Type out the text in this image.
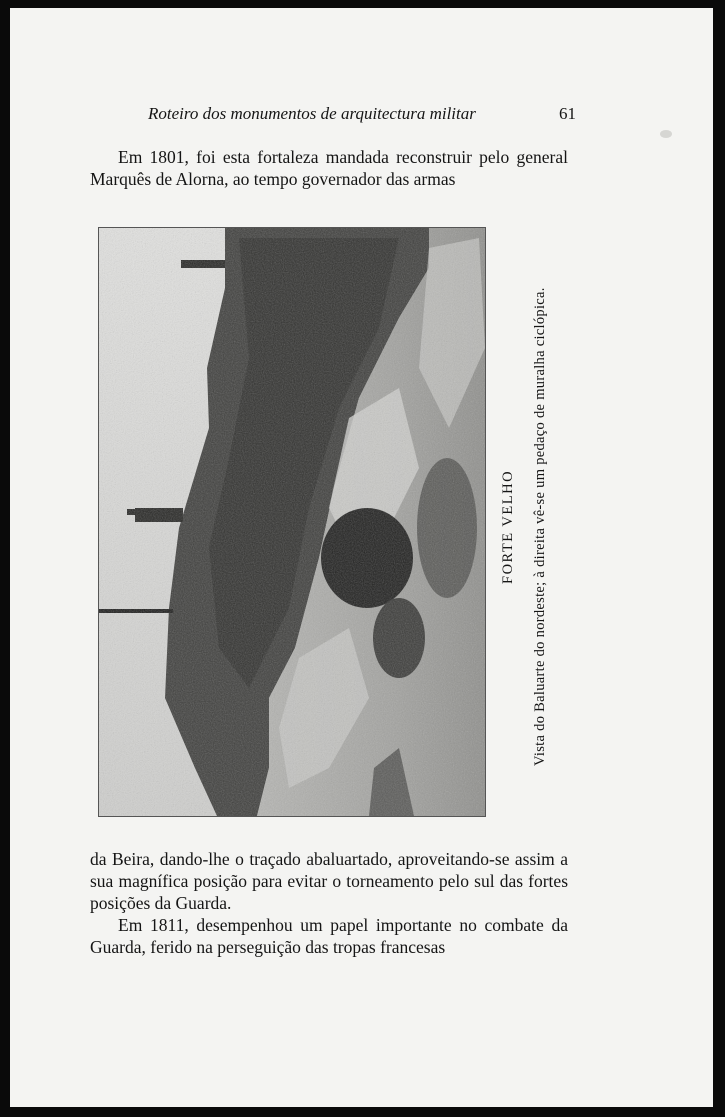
Roteiro dos monumentos de arquitectura militar	61

Em 1801, foi esta fortaleza mandada reconstruir pelo general Marquês de Alorna, ao tempo governador das armas

FORTE VELHO	Vista do Baluarte do nordeste; à direita vê-se um pedaço de muralha ciclópica.

da Beira, dando-lhe o traçado abaluartado, aproveitando-se assim a sua magnífica posição para evitar o torneamento pelo sul das fortes posições da Guarda.

Em 1811, desempenhou um papel importante no combate da Guarda, ferido na perseguição das tropas francesas
